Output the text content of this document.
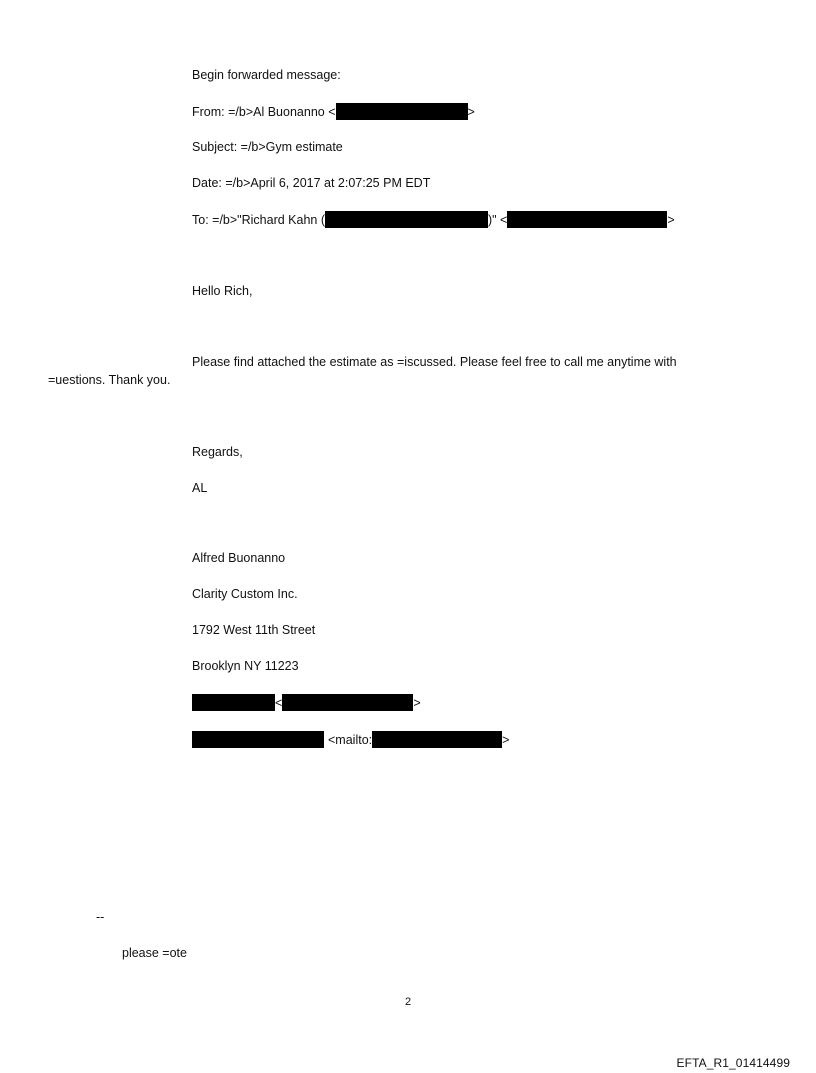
Begin forwarded message:
From: =/b>Al Buonanno <	>
Subject: =/b>Gym estimate
Date: =/b>April 6, 2017 at 2:07:25 PM EDT
To: =/b>"Richard Kahn (	)" <	>
Hello Rich,
Please find attached the estimate as =iscussed. Please feel free to call me anytime with
=uestions. Thank you.
Regards,
AL
Alfred Buonanno
Clarity Custom Inc.
1792 West 11th Street
Brooklyn NY 11223
<	>
<mailto:	>
--
please =ote
2
EFTA_R1_01414499
